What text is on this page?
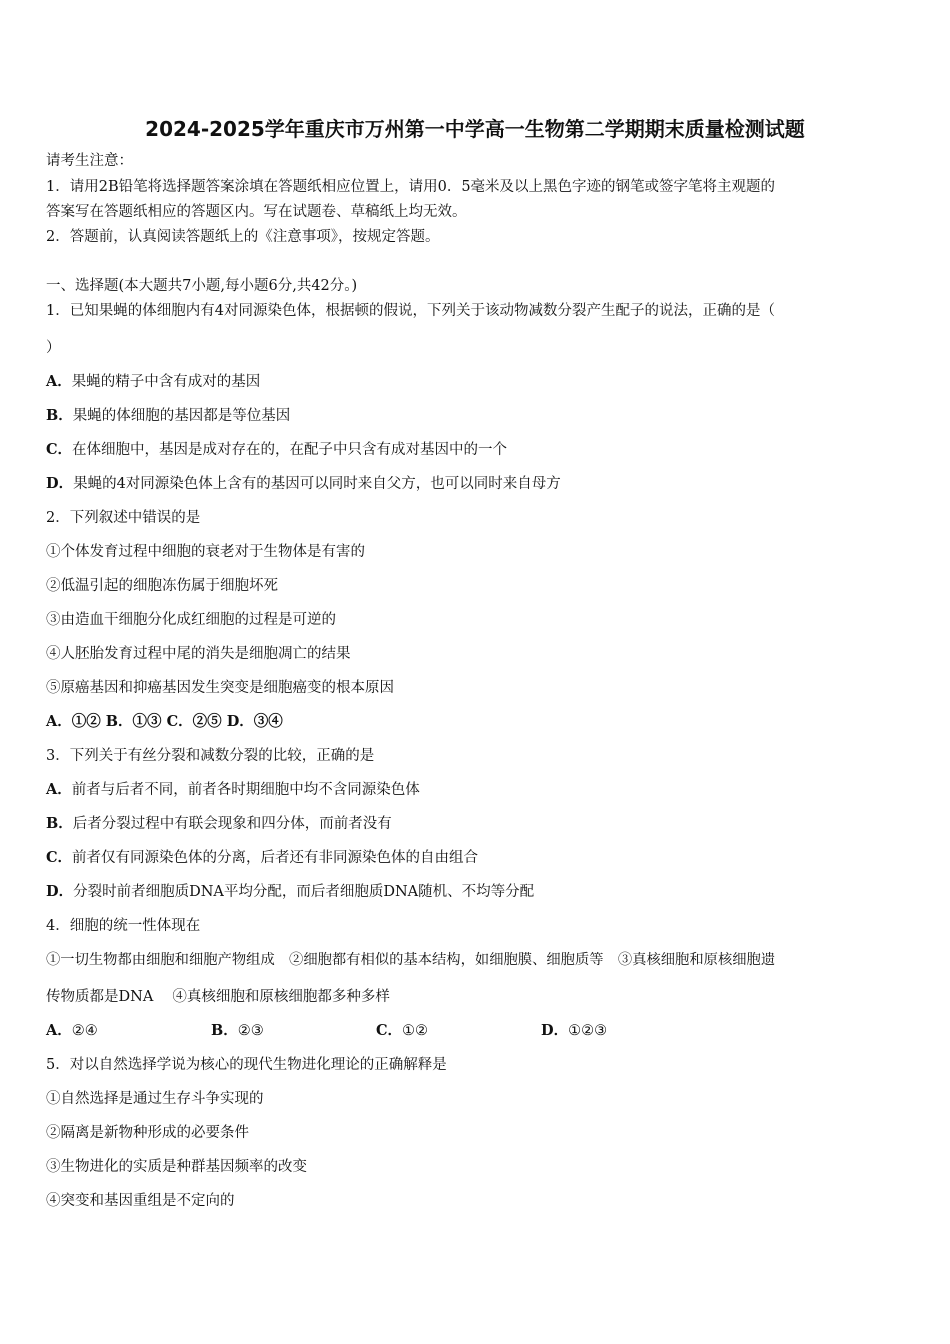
2024-2025学年重庆市万州第一中学高一生物第二学期期末质量检测试题
请考生注意：
1．请用2B铅笔将选择题答案涂填在答题纸相应位置上，请用0．5毫米及以上黑色字迹的钢笔或签字笔将主观题的
答案写在答题纸相应的答题区内。写在试题卷、草稿纸上均无效。
2．答题前，认真阅读答题纸上的《注意事项》，按规定答题。
一、选择题(本大题共7小题,每小题6分,共42分。)
1．已知果蝇的体细胞内有4对同源染色体，根据顿的假说，下列关于该动物减数分裂产生配子的说法，正确的是（
）
A．果蝇的精子中含有成对的基因
B．果蝇的体细胞的基因都是等位基因
C．在体细胞中，基因是成对存在的，在配子中只含有成对基因中的一个
D．果蝇的4对同源染色体上含有的基因可以同时来自父方，也可以同时来自母方
2．下列叙述中错误的是
①个体发育过程中细胞的衰老对于生物体是有害的
②低温引起的细胞冻伤属于细胞坏死
③由造血干细胞分化成红细胞的过程是可逆的
④人胚胎发育过程中尾的消失是细胞凋亡的结果
⑤原癌基因和抑癌基因发生突变是细胞癌变的根本原因
A．①② B．①③ C．②⑤ D．③④
3．下列关于有丝分裂和减数分裂的比较，正确的是
A．前者与后者不同，前者各时期细胞中均不含同源染色体
B．后者分裂过程中有联会现象和四分体，而前者没有
C．前者仅有同源染色体的分离，后者还有非同源染色体的自由组合
D．分裂时前者细胞质DNA平均分配，而后者细胞质DNA随机、不均等分配
4．细胞的统一性体现在
①一切生物都由细胞和细胞产物组成　②细胞都有相似的基本结构，如细胞膜、细胞质等　③真核细胞和原核细胞遗
传物质都是DNA　 ④真核细胞和原核细胞都多种多样
A．②④	B．②③	C．①②	D．①②③
5．对以自然选择学说为核心的现代生物进化理论的正确解释是
①自然选择是通过生存斗争实现的
②隔离是新物种形成的必要条件
③生物进化的实质是种群基因频率的改变
④突变和基因重组是不定向的
